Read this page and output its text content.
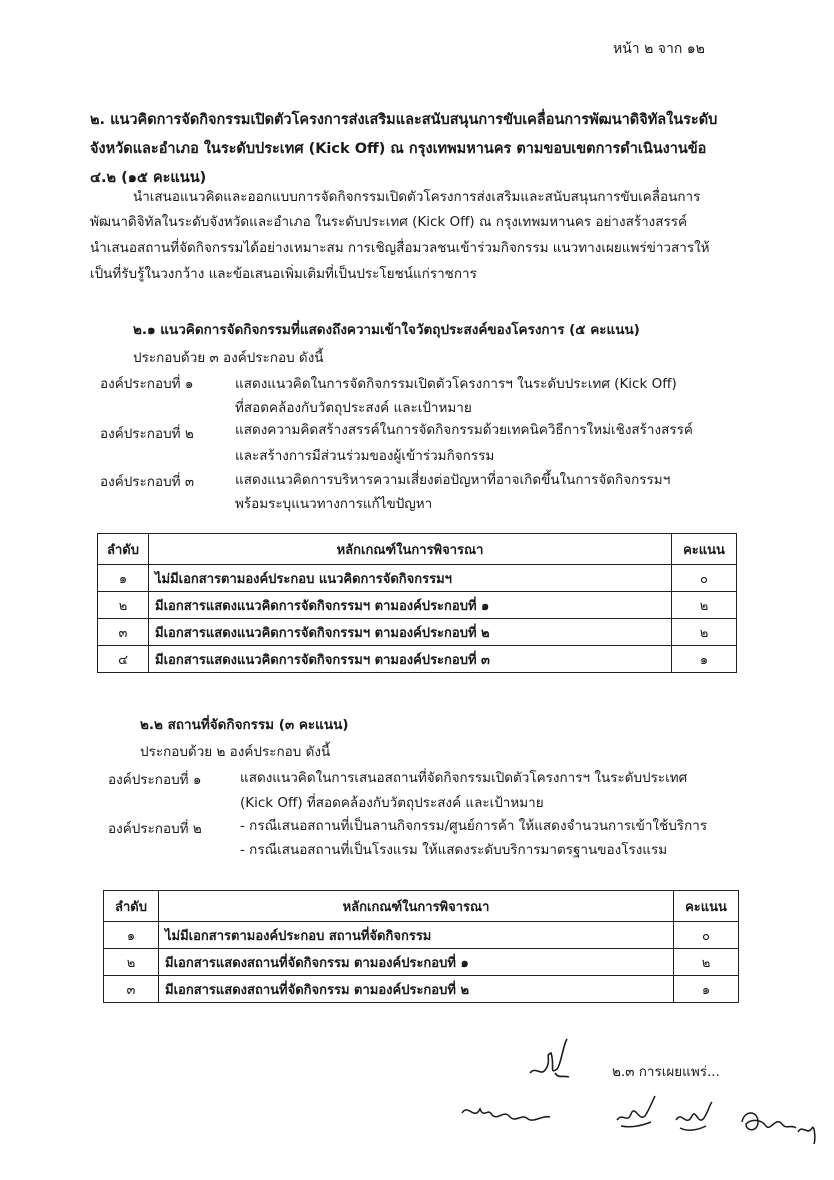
หน้า ๒ จาก ๑๒
๒. แนวคิดการจัดกิจกรรมเปิดตัวโครงการส่งเสริมและสนับสนุนการขับเคลื่อนการพัฒนาดิจิทัลในระดับ
จังหวัดและอำเภอ ในระดับประเทศ (Kick Off) ณ กรุงเทพมหานคร ตามขอบเขตการดำเนินงานข้อ
๔.๒ (๑๕ คะแนน)
นำเสนอแนวคิดและออกแบบการจัดกิจกรรมเปิดตัวโครงการส่งเสริมและสนับสนุนการขับเคลื่อนการ
พัฒนาดิจิทัลในระดับจังหวัดและอำเภอ ในระดับประเทศ (Kick Off) ณ กรุงเทพมหานคร อย่างสร้างสรรค์
นำเสนอสถานที่จัดกิจกรรมได้อย่างเหมาะสม การเชิญสื่อมวลชนเข้าร่วมกิจกรรม แนวทางเผยแพร่ข่าวสารให้
เป็นที่รับรู้ในวงกว้าง และข้อเสนอเพิ่มเติมที่เป็นประโยชน์แก่ราชการ
๒.๑ แนวคิดการจัดกิจกรรมที่แสดงถึงความเข้าใจวัตถุประสงค์ของโครงการ (๕ คะแนน)
ประกอบด้วย ๓ องค์ประกอบ ดังนี้
องค์ประกอบที่ ๑	แสดงแนวคิดในการจัดกิจกรรมเปิดตัวโครงการฯ ในระดับประเทศ (Kick Off)
ที่สอดคล้องกับวัตถุประสงค์ และเป้าหมาย
องค์ประกอบที่ ๒	แสดงความคิดสร้างสรรค์ในการจัดกิจกรรมด้วยเทคนิควิธีการใหม่เชิงสร้างสรรค์
และสร้างการมีส่วนร่วมของผู้เข้าร่วมกิจกรรม
องค์ประกอบที่ ๓	แสดงแนวคิดการบริหารความเสี่ยงต่อปัญหาที่อาจเกิดขึ้นในการจัดกิจกรรมฯ
พร้อมระบุแนวทางการแก้ไขปัญหา
ลำดับ	หลักเกณฑ์ในการพิจารณา	คะแนน
๑	ไม่มีเอกสารตามองค์ประกอบ แนวคิดการจัดกิจกรรมฯ	๐
๒	มีเอกสารแสดงแนวคิดการจัดกิจกรรมฯ ตามองค์ประกอบที่ ๑	๒
๓	มีเอกสารแสดงแนวคิดการจัดกิจกรรมฯ ตามองค์ประกอบที่ ๒	๒
๔	มีเอกสารแสดงแนวคิดการจัดกิจกรรมฯ ตามองค์ประกอบที่ ๓	๑
๒.๒ สถานที่จัดกิจกรรม (๓ คะแนน)
ประกอบด้วย ๒ องค์ประกอบ ดังนี้
องค์ประกอบที่ ๑	แสดงแนวคิดในการเสนอสถานที่จัดกิจกรรมเปิดตัวโครงการฯ ในระดับประเทศ
(Kick Off) ที่สอดคล้องกับวัตถุประสงค์ และเป้าหมาย
องค์ประกอบที่ ๒	- กรณีเสนอสถานที่เป็นลานกิจกรรม/ศูนย์การค้า ให้แสดงจำนวนการเข้าใช้บริการ
- กรณีเสนอสถานที่เป็นโรงแรม ให้แสดงระดับบริการมาตรฐานของโรงแรม
ลำดับ	หลักเกณฑ์ในการพิจารณา	คะแนน
๑	ไม่มีเอกสารตามองค์ประกอบ สถานที่จัดกิจกรรม	๐
๒	มีเอกสารแสดงสถานที่จัดกิจกรรม ตามองค์ประกอบที่ ๑	๒
๓	มีเอกสารแสดงสถานที่จัดกิจกรรม ตามองค์ประกอบที่ ๒	๑
๒.๓ การเผยแพร่...
